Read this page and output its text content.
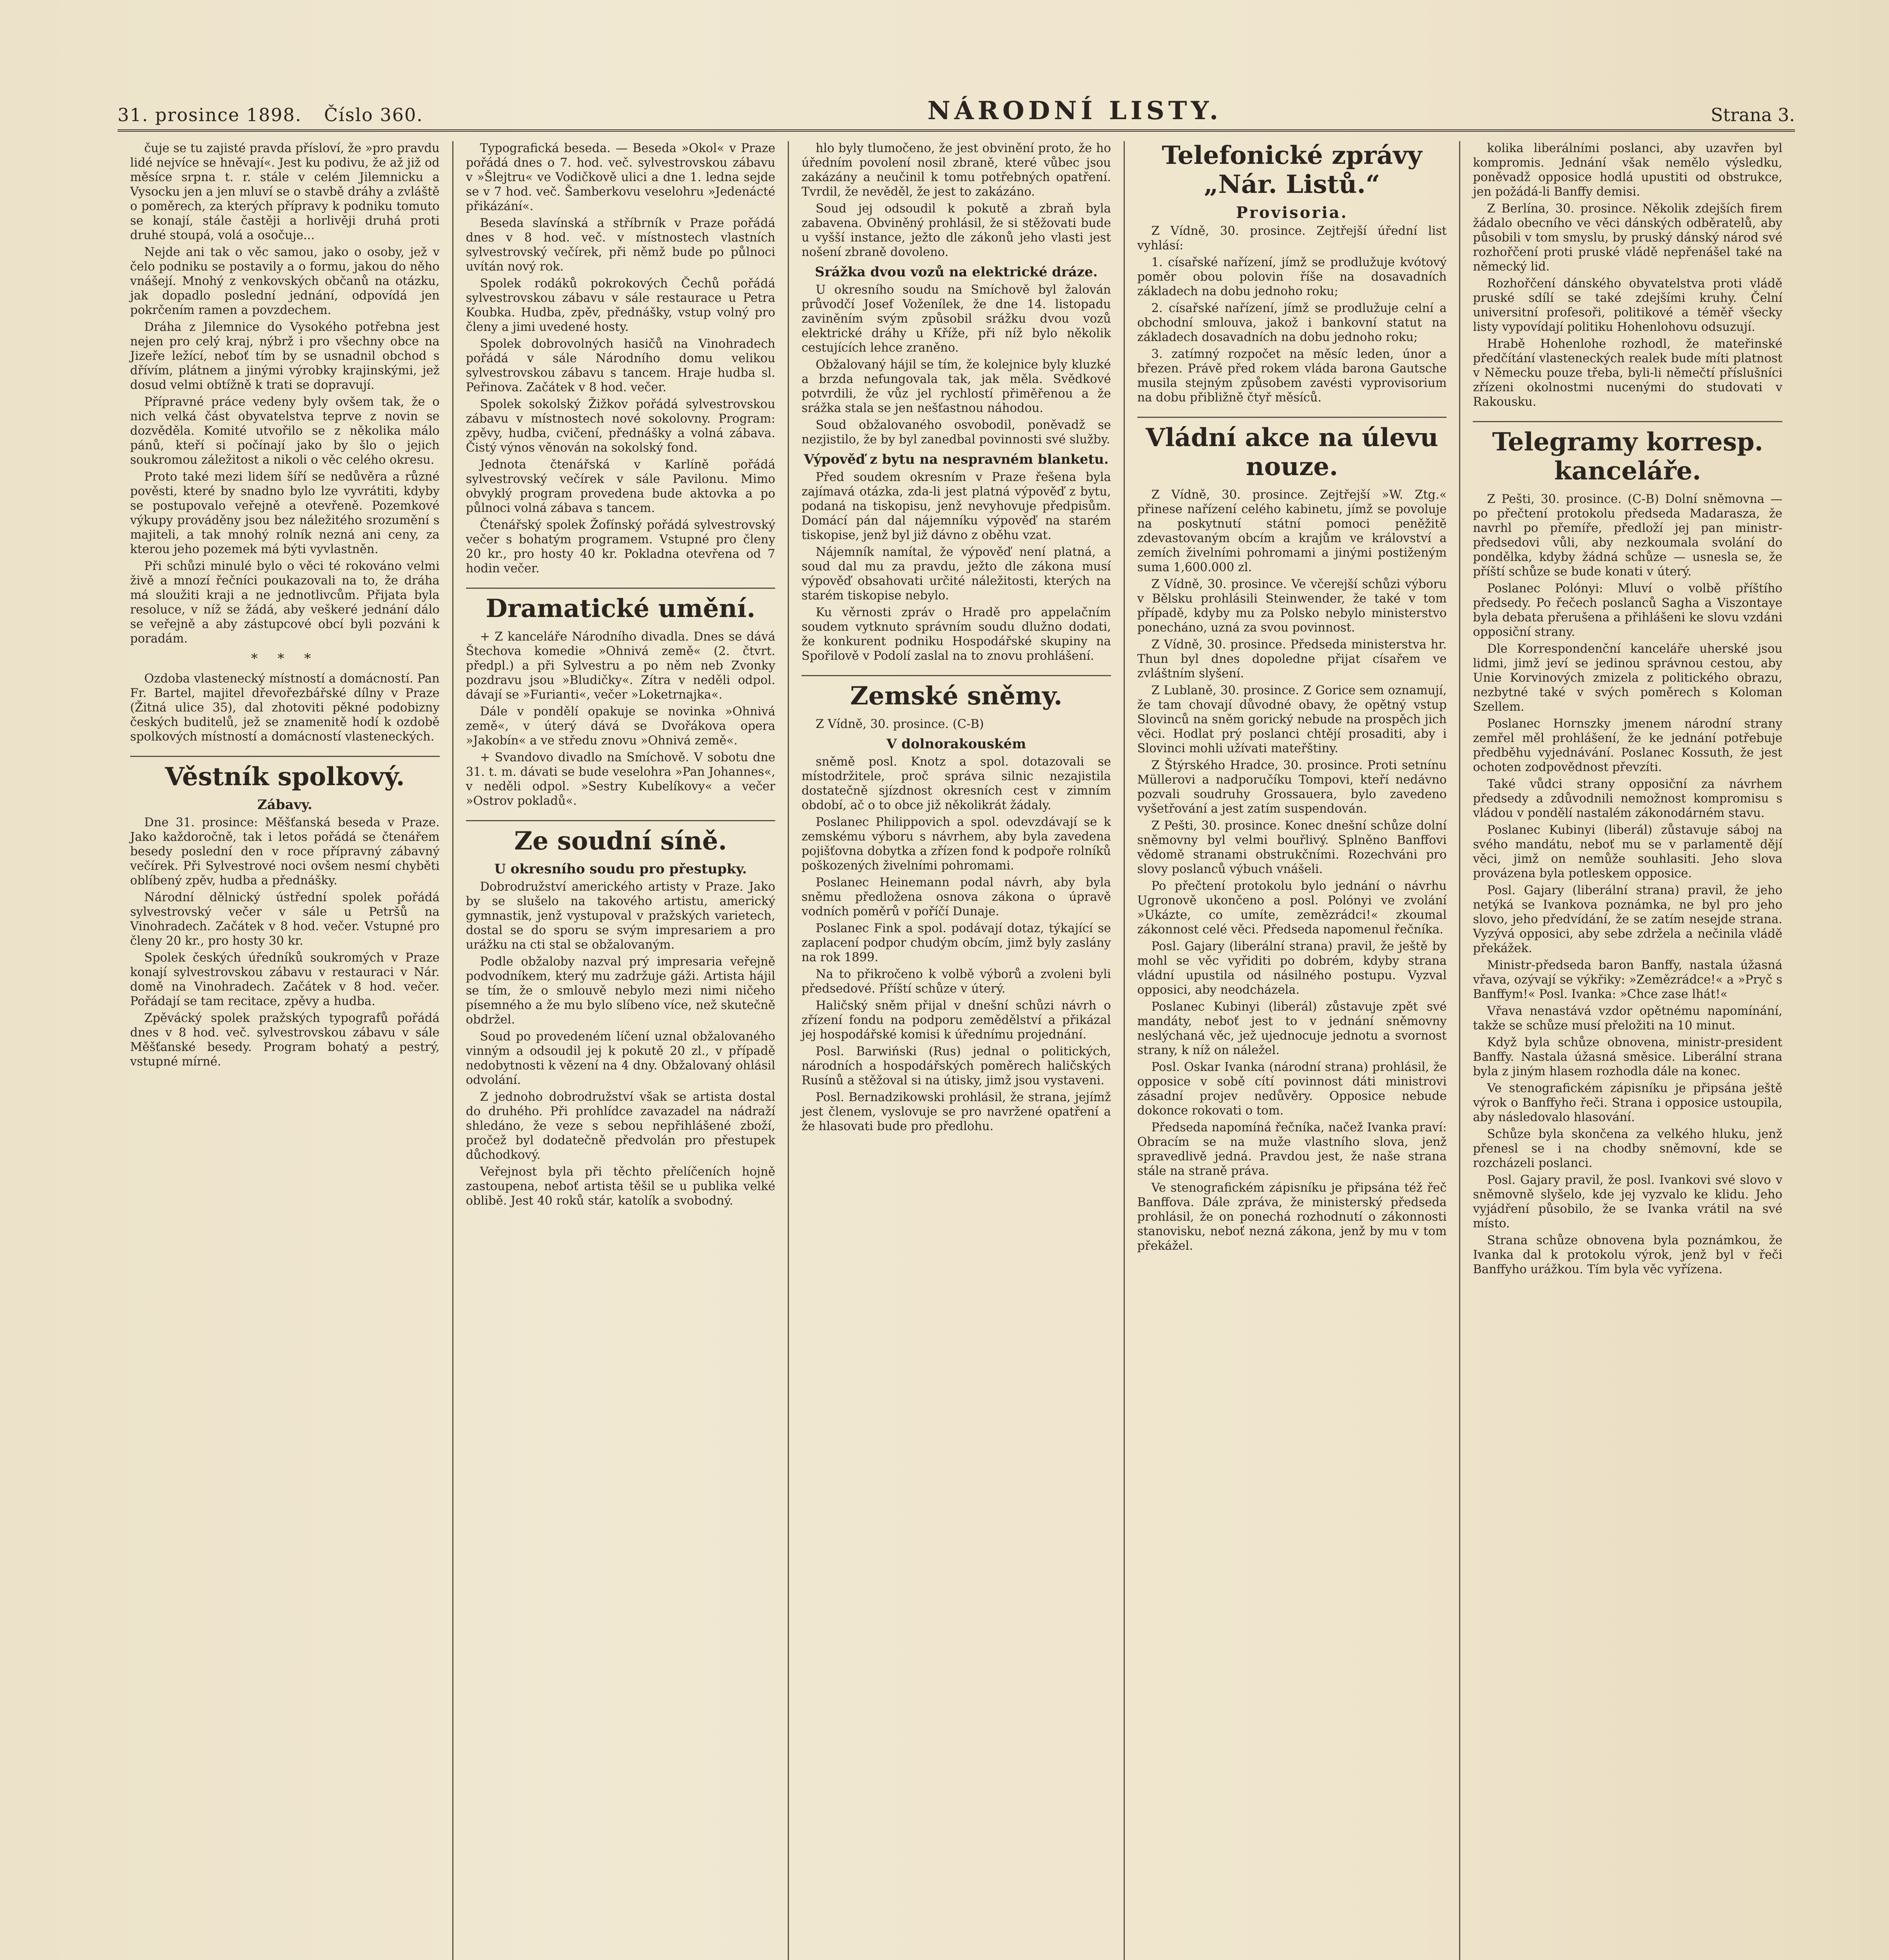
31. prosince 1898. Číslo 360.	NÁRODNÍ LISTY.	Strana 3.

čuje se tu zajisté pravda přísloví, že »pro pravdu lidé nejvíce se hněvají«. Jest ku podivu, že až již od měsíce srpna t. r. stále v celém Jilemnicku a Vysocku jen a jen mluví se o stavbě dráhy a zvláště o poměrech, za kterých přípravy k podniku tomuto se konají, stále častěji a horlivěji druhá proti druhé stoupá, volá a osočuje...

Nejde ani tak o věc samou, jako o osoby, jež v čelo podniku se postavily a o formu, jakou do něho vnášejí. Mnohý z venkovských občanů na otázku, jak dopadlo poslední jednání, odpovídá jen pokrčením ramen a povzdechem.

Dráha z Jilemnice do Vysokého potřebna jest nejen pro celý kraj, nýbrž i pro všechny obce na Jizeře ležící, neboť tím by se usnadnil obchod s dřívím, plátnem a jinými výrobky krajinskými, jež dosud velmi obtížně k trati se dopravují.

Přípravné práce vedeny byly ovšem tak, že o nich velká část obyvatelstva teprve z novin se dozvěděla. Komité utvořilo se z několika málo pánů, kteří si počínají jako by šlo o jejich soukromou záležitost a nikoli o věc celého okresu.

Proto také mezi lidem šíří se nedůvěra a různé pověsti, které by snadno bylo lze vyvrátiti, kdyby se postupovalo veřejně a otevřeně. Pozemkové výkupy prováděny jsou bez náležitého srozumění s majiteli, a tak mnohý rolník nezná ani ceny, za kterou jeho pozemek má býti vyvlastněn.

Při schůzi minulé bylo o věci té rokováno velmi živě a mnozí řečníci poukazovali na to, že dráha má sloužiti kraji a ne jednotlivcům. Přijata byla resoluce, v níž se žádá, aby veškeré jednání dálo se veřejně a aby zástupcové obcí byli pozváni k poradám.

* * *

Ozdoba vlastenecký místností a domácností. Pan Fr. Bartel, majitel dřevořezbářské dílny v Praze (Žitná ulice 35), dal zhotoviti pěkné podobizny českých buditelů, jež se znamenitě hodí k ozdobě spolkových místností a domácností vlasteneckých.

Věstník spolkový.
Zábavy.

Dne 31. prosince: Měšťanská beseda v Praze. Jako každoročně, tak i letos pořádá se čtenářem besedy poslední den v roce přípravný zábavný večírek. Při Sylvestrové noci ovšem nesmí chyběti oblíbený zpěv, hudba a přednášky.

Národní dělnický ústřední spolek pořádá sylvestrovský večer v sále u Petršů na Vinohradech. Začátek v 8 hod. večer. Vstupné pro členy 20 kr., pro hosty 30 kr.

Spolek českých úředníků soukromých v Praze konají sylvestrovskou zábavu v restauraci v Nár. domě na Vinohradech. Začátek v 8 hod. večer. Pořádají se tam recitace, zpěvy a hudba.

Zpěvácký spolek pražských typografů pořádá dnes v 8 hod. več. sylvestrovskou zábavu v sále Měšťanské besedy. Program bohatý a pestrý, vstupné mírné.

Typografická beseda. — Beseda »Okol« v Praze pořádá dnes o 7. hod. več. sylvestrovskou zábavu v »Šlejtru« ve Vodičkově ulici a dne 1. ledna sejde se v 7 hod. več. Šamberkovu veselohru »Jedenácté přikázání«.

Beseda slavínská a stříbrník v Praze pořádá dnes v 8 hod. več. v místnostech vlastních sylvestrovský večírek, při němž bude po půlnoci uvítán nový rok.

Spolek rodáků pokrokových Čechů pořádá sylvestrovskou zábavu v sále restaurace u Petra Koubka. Hudba, zpěv, přednášky, vstup volný pro členy a jimi uvedené hosty.

Spolek dobrovolných hasičů na Vinohradech pořádá v sále Národního domu velikou sylvestrovskou zábavu s tancem. Hraje hudba sl. Peřinova. Začátek v 8 hod. večer.

Spolek sokolský Žižkov pořádá sylvestrovskou zábavu v místnostech nové sokolovny. Program: zpěvy, hudba, cvičení, přednášky a volná zábava. Čistý výnos věnován na sokolský fond.

Jednota čtenářská v Karlíně pořádá sylvestrovský večírek v sále Pavilonu. Mimo obvyklý program provedena bude aktovka a po půlnoci volná zábava s tancem.

Čtenářský spolek Žofínský pořádá sylvestrovský večer s bohatým programem. Vstupné pro členy 20 kr., pro hosty 40 kr. Pokladna otevřena od 7 hodin večer.

Dramatické umění.

+ Z kanceláře Národního divadla. Dnes se dává Štechova komedie »Ohnivá země« (2. čtvrt. předpl.) a při Sylvestru a po něm neb Zvonky pozdravu jsou »Bludičky«. Zítra v neděli odpol. dávají se »Furianti«, večer »Loketrnajka«.

Dále v pondělí opakuje se novinka »Ohnivá země«, v úterý dává se Dvořákova opera »Jakobín« a ve středu znovu »Ohnivá země«.

+ Svandovo divadlo na Smíchově. V sobotu dne 31. t. m. dávati se bude veselohra »Pan Johannes«, v neděli odpol. »Sestry Kubelíkovy« a večer »Ostrov pokladů«.

Ze soudní síně.
U okresního soudu pro přestupky.

Dobrodružství amerického artisty v Praze. Jako by se slušelo na takového artistu, americký gymnastik, jenž vystupoval v pražských varietech, dostal se do sporu se svým impresariem a pro urážku na cti stal se obžalovaným.

Podle obžaloby nazval prý impresaria veřejně podvodníkem, který mu zadržuje gáži. Artista hájil se tím, že o smlouvě nebylo mezi nimi ničeho písemného a že mu bylo slíbeno více, než skutečně obdržel.

Soud po provedeném líčení uznal obžalovaného vinným a odsoudil jej k pokutě 20 zl., v případě nedobytnosti k vězení na 4 dny. Obžalovaný ohlásil odvolání.

Z jednoho dobrodružství však se artista dostal do druhého. Při prohlídce zavazadel na nádraží shledáno, že veze s sebou nepřihlášené zboží, pročež byl dodatečně předvolán pro přestupek důchodkový.

Veřejnost byla při těchto přelíčeních hojně zastoupena, neboť artista těšil se u publika velké oblibě. Jest 40 roků stár, katolík a svobodný.

hlo byly tlumočeno, že jest obvinění proto, že ho úředním povolení nosil zbraně, které vůbec jsou zakázány a neučinil k tomu potřebných opatření. Tvrdil, že nevěděl, že jest to zakázáno.

Soud jej odsoudil k pokutě a zbraň byla zabavena. Obviněný prohlásil, že si stěžovati bude u vyšší instance, ježto dle zákonů jeho vlasti jest nošení zbraně dovoleno.

Srážka dvou vozů na elektrické dráze.

U okresního soudu na Smíchově byl žalován průvodčí Josef Voženílek, že dne 14. listopadu zaviněním svým způsobil srážku dvou vozů elektrické dráhy u Kříže, při níž bylo několik cestujících lehce zraněno.

Obžalovaný hájil se tím, že kolejnice byly kluzké a brzda nefungovala tak, jak měla. Svědkové potvrdili, že vůz jel rychlostí přiměřenou a že srážka stala se jen nešťastnou náhodou.

Soud obžalovaného osvobodil, poněvadž se nezjistilo, že by byl zanedbal povinnosti své služby.

Výpověď z bytu na nespravném blanketu.

Před soudem okresním v Praze řešena byla zajímavá otázka, zda-li jest platná výpověď z bytu, podaná na tiskopisu, jenž nevyhovuje předpisům. Domácí pán dal nájemníku výpověď na starém tiskopise, jenž byl již dávno z oběhu vzat.

Nájemník namítal, že výpověď není platná, a soud dal mu za pravdu, ježto dle zákona musí výpověď obsahovati určité náležitosti, kterých na starém tiskopise nebylo.

Ku věrnosti zpráv o Hradě pro appelačním soudem vytknuto správním soudu dlužno dodati, že konkurent podniku Hospodářské skupiny na Spořilově v Podolí zaslal na to znovu prohlášení.

Zemské sněmy.

Z Vídně, 30. prosince. (C-B)

V dolnorakouském

sněmě posl. Knotz a spol. dotazovali se místodržitele, proč správa silnic nezajistila dostatečně sjízdnost okresních cest v zimním období, ač o to obce již několikrát žádaly.

Poslanec Philippovich a spol. odevzdávají se k zemskému výboru s návrhem, aby byla zavedena pojišťovna dobytka a zřízen fond k podpoře rolníků poškozených živelními pohromami.

Poslanec Heinemann podal návrh, aby byla sněmu předložena osnova zákona o úpravě vodních poměrů v poříčí Dunaje.

Poslanec Fink a spol. podávají dotaz, týkající se zaplacení podpor chudým obcím, jimž byly zaslány na rok 1899.

Na to přikročeno k volbě výborů a zvoleni byli předsedové. Příští schůze v úterý.

Haličský sněm přijal v dnešní schůzi návrh o zřízení fondu na podporu zemědělství a přikázal jej hospodářské komisi k úřednímu projednání.

Posl. Barwiński (Rus) jednal o politických, národních a hospodářských poměrech haličských Rusínů a stěžoval si na útisky, jimž jsou vystaveni.

Posl. Bernadzikowski prohlásil, že strana, jejímž jest členem, vyslovuje se pro navržené opatření a že hlasovati bude pro předlohu.

Telefonické zprávy „Nár. Listů.“
Provisoria.

Z Vídně, 30. prosince. Zejtřejší úřední list vyhlásí:

1. císařské nařízení, jímž se prodlužuje kvótový poměr obou polovin říše na dosavadních základech na dobu jednoho roku;

2. císařské nařízení, jímž se prodlužuje celní a obchodní smlouva, jakož i bankovní statut na základech dosavadních na dobu jednoho roku;

3. zatímný rozpočet na měsíc leden, únor a březen. Právě před rokem vláda barona Gautsche musila stejným způsobem zavésti vyprovisorium na dobu přibližně čtyř měsíců.

Vládní akce na úlevu nouze.

Z Vídně, 30. prosince. Zejtřejší »W. Ztg.« přinese nařízení celého kabinetu, jímž se povoluje na poskytnutí státní pomoci peněžitě zdevastovaným obcím a krajům ve království a zemích živelními pohromami a jinými postiženým suma 1,600.000 zl.

Z Vídně, 30. prosince. Ve včerejší schůzi výboru v Bělsku prohlásili Steinwender, že také v tom případě, kdyby mu za Polsko nebylo ministerstvo ponecháno, uzná za svou povinnost.

Z Vídně, 30. prosince. Předseda ministerstva hr. Thun byl dnes dopoledne přijat císařem ve zvláštním slyšení.

Z Lublaně, 30. prosince. Z Gorice sem oznamují, že tam chovají důvodné obavy, že opětný vstup Slovinců na sněm gorický nebude na prospěch jich věci. Hodlat prý poslanci chtějí prosaditi, aby i Slovinci mohli užívati mateřštiny.

Z Štýrského Hradce, 30. prosince. Proti setnínu Müllerovi a nadporučíku Tompovi, kteří nedávno pozvali soudruhy Grossauera, bylo zavedeno vyšetřování a jest zatím suspendován.

Z Pešti, 30. prosince. Konec dnešní schůze dolní sněmovny byl velmi bouřlivý. Splněno Banffovi vědomě stranami obstrukčními. Rozechváni pro slovy poslanců výbuch vnášeli.

Po přečtení protokolu bylo jednání o návrhu Ugronově ukončeno a posl. Polónyi ve zvolání »Ukázte, co umíte, zemězrádci!« zkoumal zákonnost celé věci. Předseda napomenul řečníka.

Posl. Gajary (liberální strana) pravil, že ještě by mohl se věc vyřiditi po dobrém, kdyby strana vládní upustila od násilného postupu. Vyzval opposici, aby neodcházela.

Poslanec Kubinyi (liberál) zůstavuje zpět své mandáty, neboť jest to v jednání sněmovny neslýchaná věc, jež ujednocuje jednotu a svornost strany, k níž on náležel.

Posl. Oskar Ivanka (národní strana) prohlásil, že opposice v sobě cítí povinnost dáti ministrovi zásadní projev nedůvěry. Opposice nebude dokonce rokovati o tom.

Předseda napomíná řečníka, načež Ivanka praví: Obracím se na muže vlastního slova, jenž spravedlivě jedná. Pravdou jest, že naše strana stále na straně práva.

Ve stenografickém zápisníku je připsána též řeč Banffova. Dále zpráva, že ministerský předseda prohlásil, že on ponechá rozhodnutí o zákonnosti stanovisku, neboť nezná zákona, jenž by mu v tom překážel.

kolika liberálními poslanci, aby uzavřen byl kompromis. Jednání však nemělo výsledku, poněvadž opposice hodlá upustiti od obstrukce, jen požádá-li Banffy demisi.

Z Berlína, 30. prosince. Několik zdejších firem žádalo obecního ve věci dánských odběratelů, aby působili v tom smyslu, by pruský dánský národ své rozhořčení proti pruské vládě nepřenášel také na německý lid.

Rozhořčení dánského obyvatelstva proti vládě pruské sdílí se také zdejšími kruhy. Čelní universitní profesoři, politikové a téměř všecky listy vypovídají politiku Hohenlohovu odsuzují.

Hrabě Hohenlohe rozhodl, že mateřinské předčítání vlasteneckých realek bude míti platnost v Německu pouze třeba, byli-li němečtí příslušníci zřízeni okolnostmi nucenými do studovati v Rakousku.

Telegramy korresp. kanceláře.

Z Pešti, 30. prosince. (C-B) Dolní sněmovna — po přečtení protokolu předseda Madarasza, že navrhl po přemíře, předloží jej pan ministr-předsedovi vůli, aby nezkoumala svolání do pondělka, kdyby žádná schůze — usnesla se, že příští schůze se bude konati v úterý.

Poslanec Polónyi: Mluví o volbě příštího předsedy. Po řečech poslanců Sagha a Viszontaye byla debata přerušena a přihlášeni ke slovu vzdáni opposiční strany.

Dle Korrespondenční kanceláře uherské jsou lidmi, jimž jeví se jedinou správnou cestou, aby Unie Korvinových zmizela z politického obrazu, nezbytné také v svých poměrech s Koloman Szellem.

Poslanec Hornszky jmenem národní strany zemřel měl prohlášení, že ke jednání potřebuje předběhu vyjednávání. Poslanec Kossuth, že jest ochoten zodpovědnost převzíti.

Také vůdci strany opposiční za návrhem předsedy a zdůvodnili nemožnost kompromisu s vládou v pondělí nastalém zákonodárném stavu.

Poslanec Kubinyi (liberál) zůstavuje sáboj na svého mandátu, neboť mu se v parlamentě dějí věci, jimž on nemůže souhlasiti. Jeho slova provázena byla potleskem opposice.

Posl. Gajary (liberální strana) pravil, že jeho netýká se Ivankova poznámka, ne byl pro jeho slovo, jeho předvídání, že se zatím nesejde strana. Vyzývá opposici, aby sebe zdržela a nečinila vládě překážek.

Ministr-předseda baron Banffy, nastala úžasná vřava, ozývají se výkřiky: »Zemězrádce!« a »Pryč s Banffym!« Posl. Ivanka: »Chce zase lhát!«

Vřava nenastává vzdor opětnému napomínání, takže se schůze musí přeložiti na 10 minut.

Když byla schůze obnovena, ministr-president Banffy. Nastala úžasná směsice. Liberální strana byla z jiným hlasem rozhodla dále na konec.

Ve stenografickém zápisníku je připsána ještě výrok o Banffyho řeči. Strana i opposice ustoupila, aby následovalo hlasování.

Schůze byla skončena za velkého hluku, jenž přenesl se i na chodby sněmovní, kde se rozcházeli poslanci.

Posl. Gajary pravil, že posl. Ivankovi své slovo v sněmovně slyšelo, kde jej vyzvalo ke klidu. Jeho vyjádření působilo, že se Ivanka vrátil na své místo.

Strana schůze obnovena byla poznámkou, že Ivanka dal k protokolu výrok, jenž byl v řeči Banffyho urážkou. Tím byla věc vyřízena.
